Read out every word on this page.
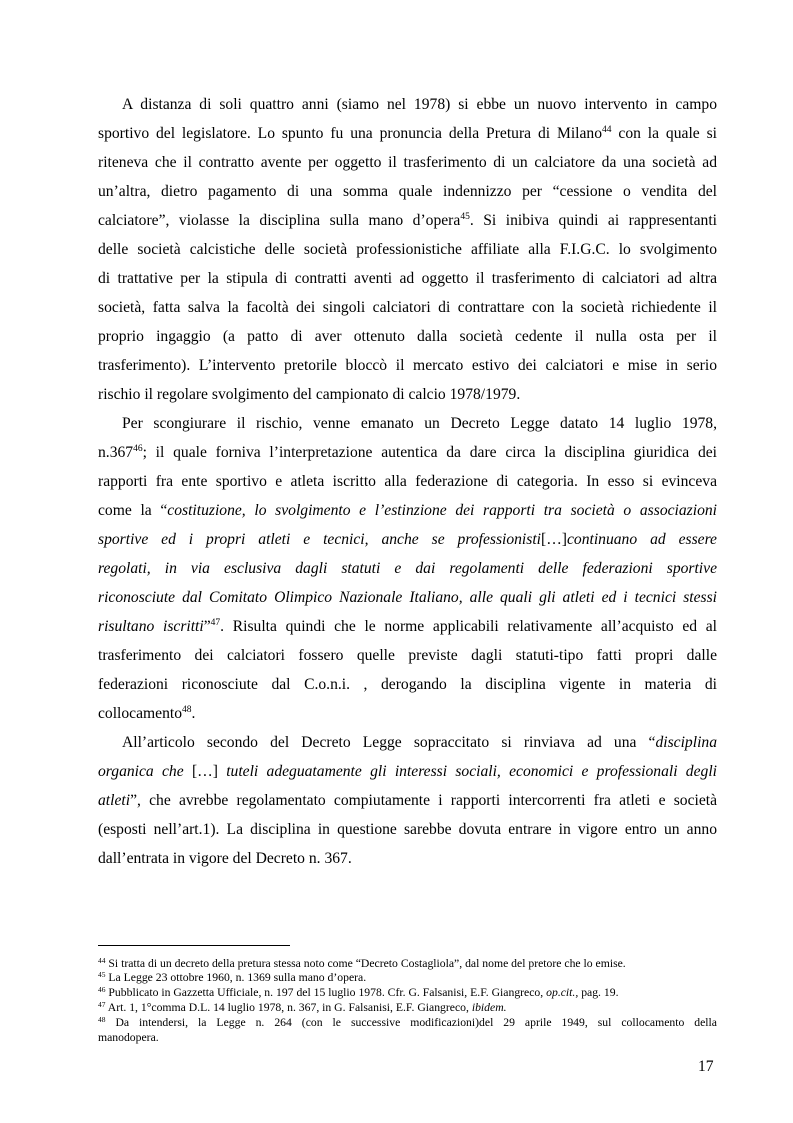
A distanza di soli quattro anni (siamo nel 1978) si ebbe un nuovo intervento in campo
sportivo del legislatore. Lo spunto fu una pronuncia della Pretura di Milano$^{44}$ con la quale si
riteneva che il contratto avente per oggetto il trasferimento di un calciatore da una società ad
un’altra, dietro pagamento di una somma quale indennizzo per “cessione o vendita del
calciatore”, violasse la disciplina sulla mano d’opera$^{45}$. Si inibiva quindi ai rappresentanti
delle società calcistiche delle società professionistiche affiliate alla F.I.G.C. lo svolgimento
di trattative per la stipula di contratti aventi ad oggetto il trasferimento di calciatori ad altra
società, fatta salva la facoltà dei singoli calciatori di contrattare con la società richiedente il
proprio ingaggio (a patto di aver ottenuto dalla società cedente il nulla osta per il
trasferimento). L’intervento pretorile bloccò il mercato estivo dei calciatori e mise in serio
rischio il regolare svolgimento del campionato di calcio 1978/1979.
Per scongiurare il rischio, venne emanato un Decreto Legge datato 14 luglio 1978,
n.367$^{46}$; il quale forniva l’interpretazione autentica da dare circa la disciplina giuridica dei
rapporti fra ente sportivo e atleta iscritto alla federazione di categoria. In esso si evinceva
come la “costituzione, lo svolgimento e l’estinzione dei rapporti tra società o associazioni
sportive ed i propri atleti e tecnici, anche se professionisti[…]continuano ad essere
regolati, in via esclusiva dagli statuti e dai regolamenti delle federazioni sportive
riconosciute dal Comitato Olimpico Nazionale Italiano, alle quali gli atleti ed i tecnici stessi
risultano iscritti”$^{47}$. Risulta quindi che le norme applicabili relativamente all’acquisto ed al
trasferimento dei calciatori fossero quelle previste dagli statuti-tipo fatti propri dalle
federazioni riconosciute dal C.o.n.i. , derogando la disciplina vigente in materia di
collocamento$^{48}$.
All’articolo secondo del Decreto Legge sopraccitato si rinviava ad una “disciplina
organica che […] tuteli adeguatamente gli interessi sociali, economici e professionali degli
atleti”, che avrebbe regolamentato compiutamente i rapporti intercorrenti fra atleti e società
(esposti nell’art.1). La disciplina in questione sarebbe dovuta entrare in vigore entro un anno
dall’entrata in vigore del Decreto n. 367.
$^{44}$ Si tratta di un decreto della pretura stessa noto come “Decreto Costagliola”, dal nome del pretore che lo emise.
$^{45}$ La Legge 23 ottobre 1960, n. 1369 sulla mano d’opera.
$^{46}$ Pubblicato in Gazzetta Ufficiale, n. 197 del 15 luglio 1978. Cfr. G. Falsanisi, E.F. Giangreco, op.cit., pag. 19.
$^{47}$ Art. 1, 1°comma D.L. 14 luglio 1978, n. 367, in G. Falsanisi, E.F. Giangreco, ibidem.
$^{48}$ Da intendersi, la Legge n. 264 (con le successive modificazioni)del 29 aprile 1949, sul collocamento della
manodopera.
17
